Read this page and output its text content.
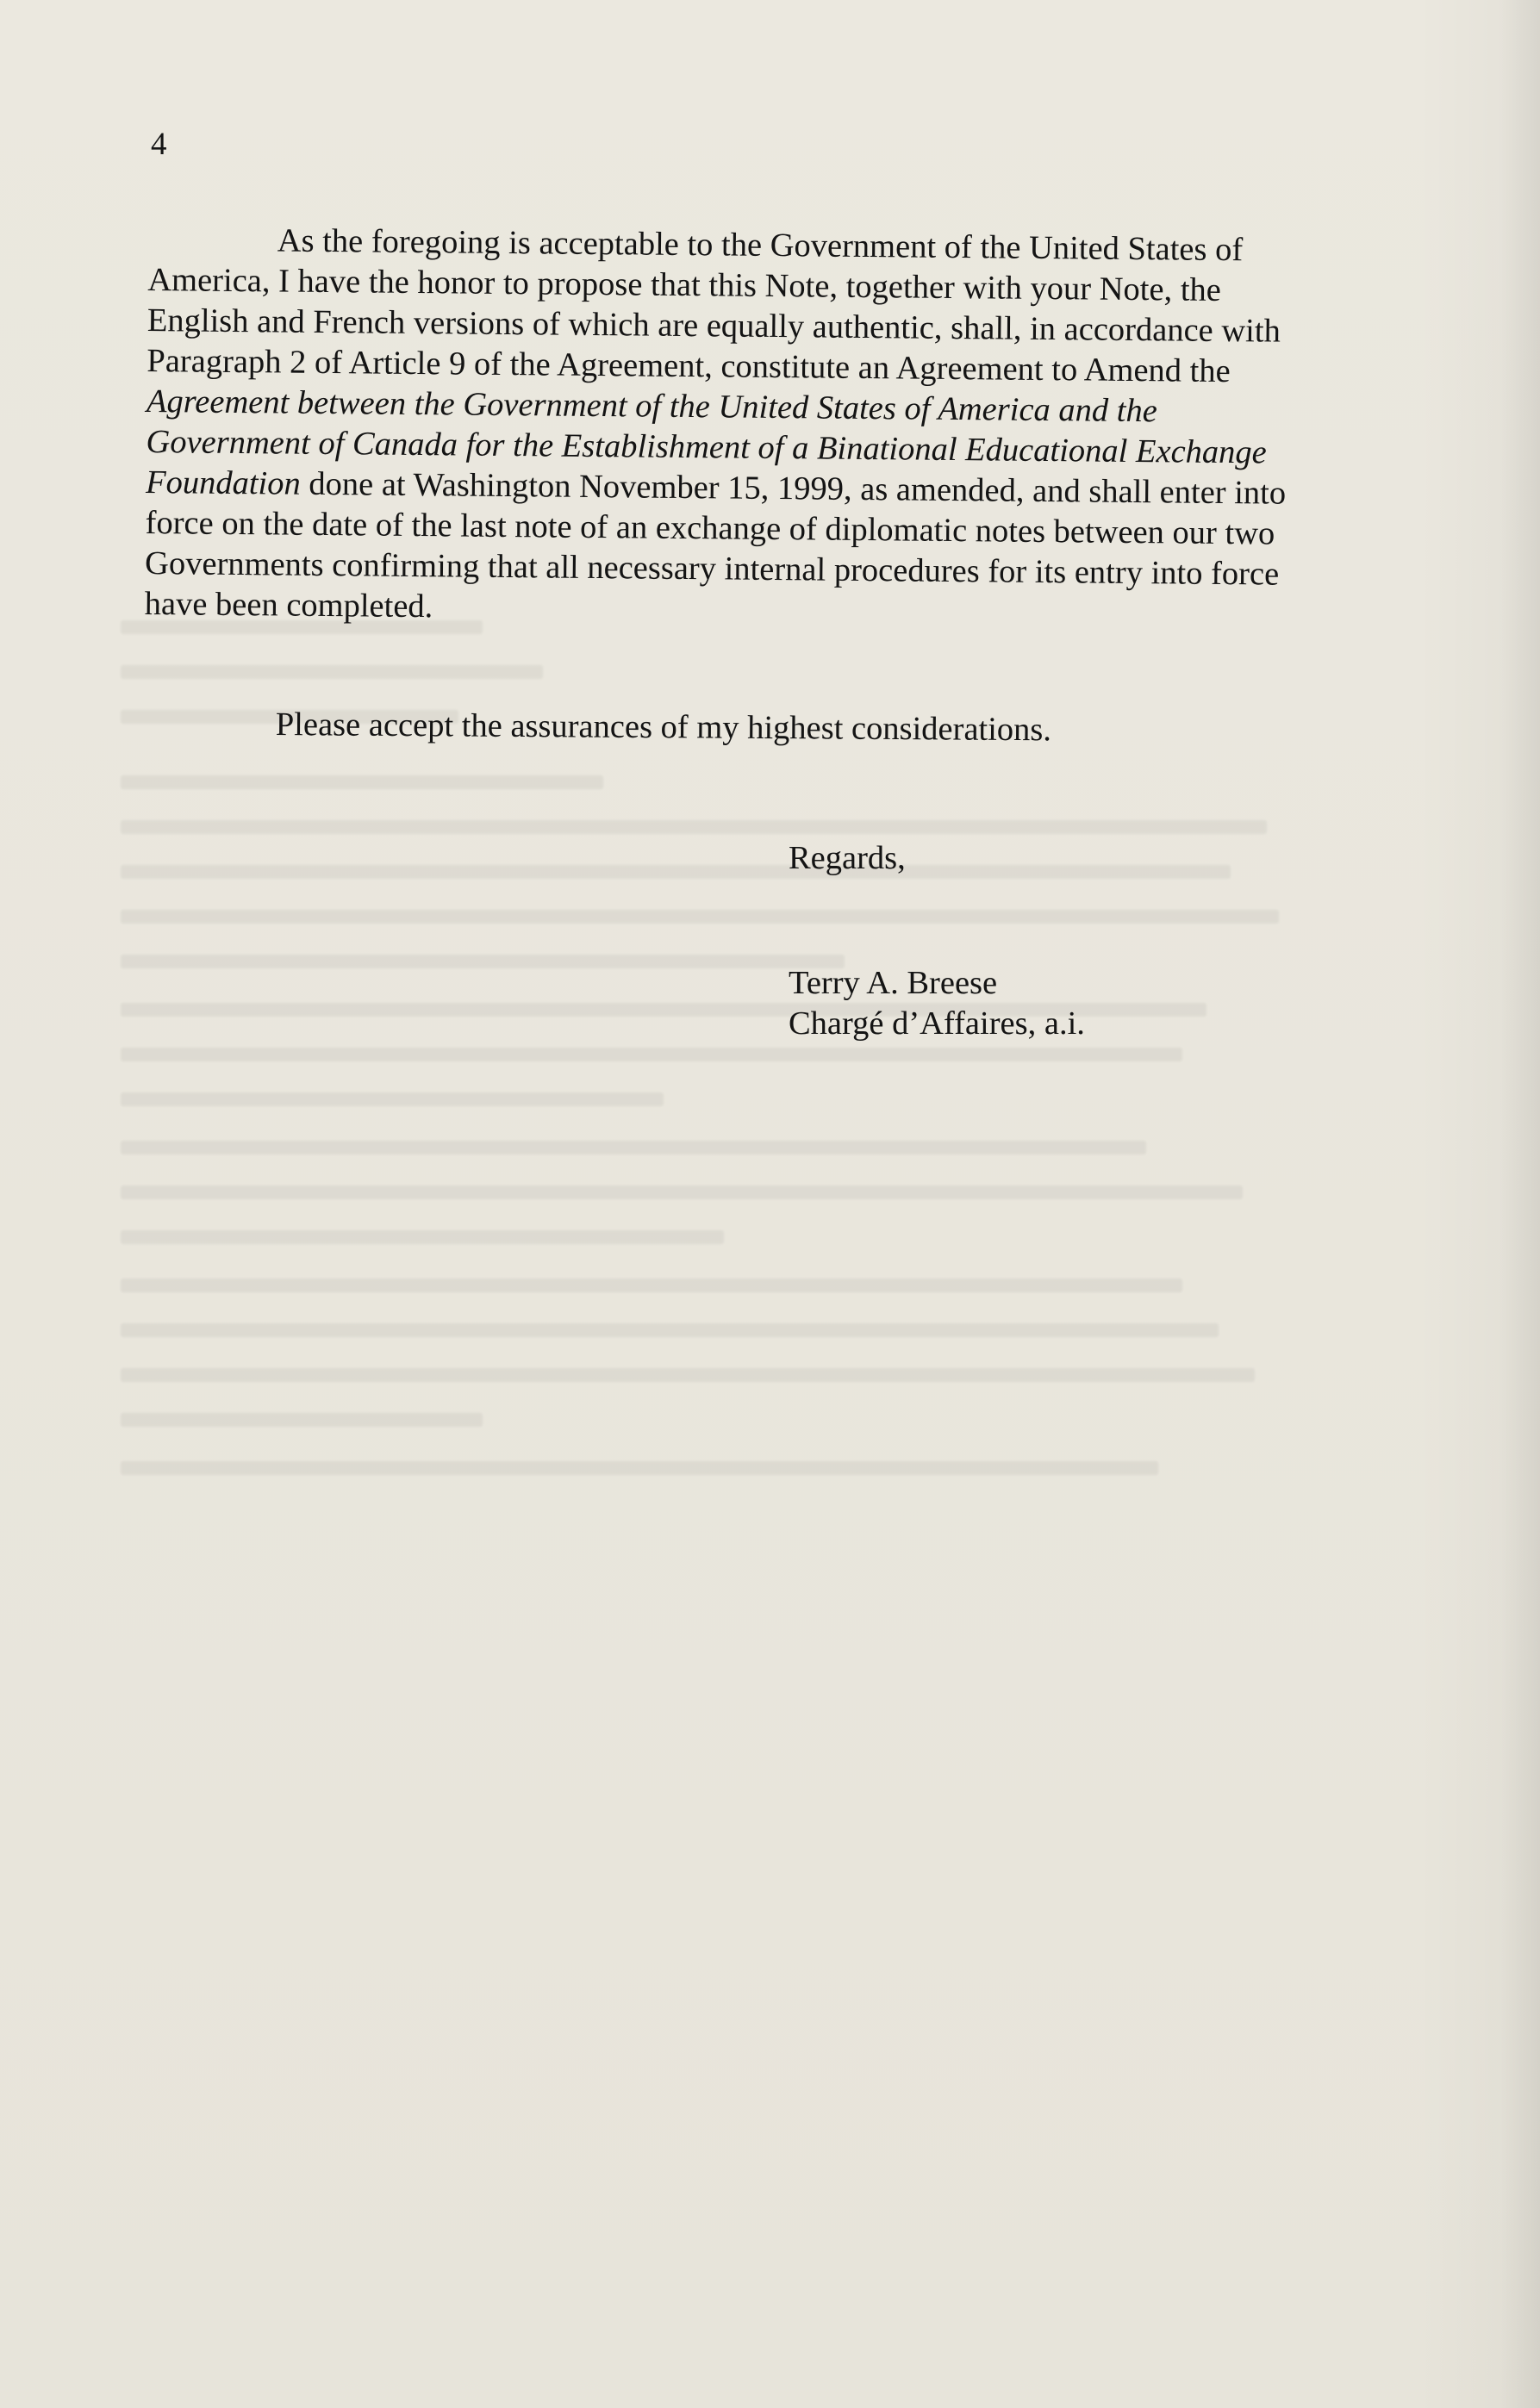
4

As the foregoing is acceptable to the Government of the United States of America, I have the honor to propose that this Note, together with your Note, the English and French versions of which are equally authentic, shall, in accordance with Paragraph 2 of Article 9 of the Agreement, constitute an Agreement to Amend the Agreement between the Government of the United States of America and the Government of Canada for the Establishment of a Binational Educational Exchange Foundation done at Washington November 15, 1999, as amended, and shall enter into force on the date of the last note of an exchange of diplomatic notes between our two Governments confirming that all necessary internal procedures for its entry into force have been completed.

Please accept the assurances of my highest considerations.

Regards,
Terry A. Breese
Chargé d’Affaires, a.i.
